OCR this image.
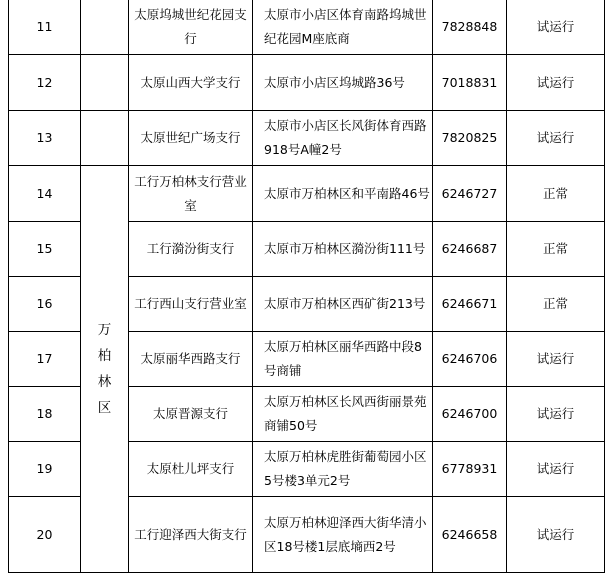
11		太原坞城世纪花园支行	太原市小店区体育南路坞城世纪花园M座底商	7828848	试运行
12		太原山西大学支行	太原市小店区坞城路36号	7018831	试运行
13		太原世纪广场支行	太原市小店区长风街体育西路918号A幢2号	7820825	试运行
14	万柏林区	工行万柏林支行营业室	太原市万柏林区和平南路46号	6246727	正常
15		工行漪汾街支行	太原市万柏林区漪汾街111号	6246687	正常
16		工行西山支行营业室	太原市万柏林区西矿街213号	6246671	正常
17		太原丽华西路支行	太原万柏林区丽华西路中段8号商铺	6246706	试运行
18		太原晋源支行	太原万柏林区长风西街丽景苑商铺50号	6246700	试运行
19		太原杜儿坪支行	太原万柏林虎胜街葡萄园小区5号楼3单元2号	6778931	试运行
20		工行迎泽西大街支行	太原万柏林迎泽西大街华清小区18号楼1层底墒西2号	6246658	试运行
